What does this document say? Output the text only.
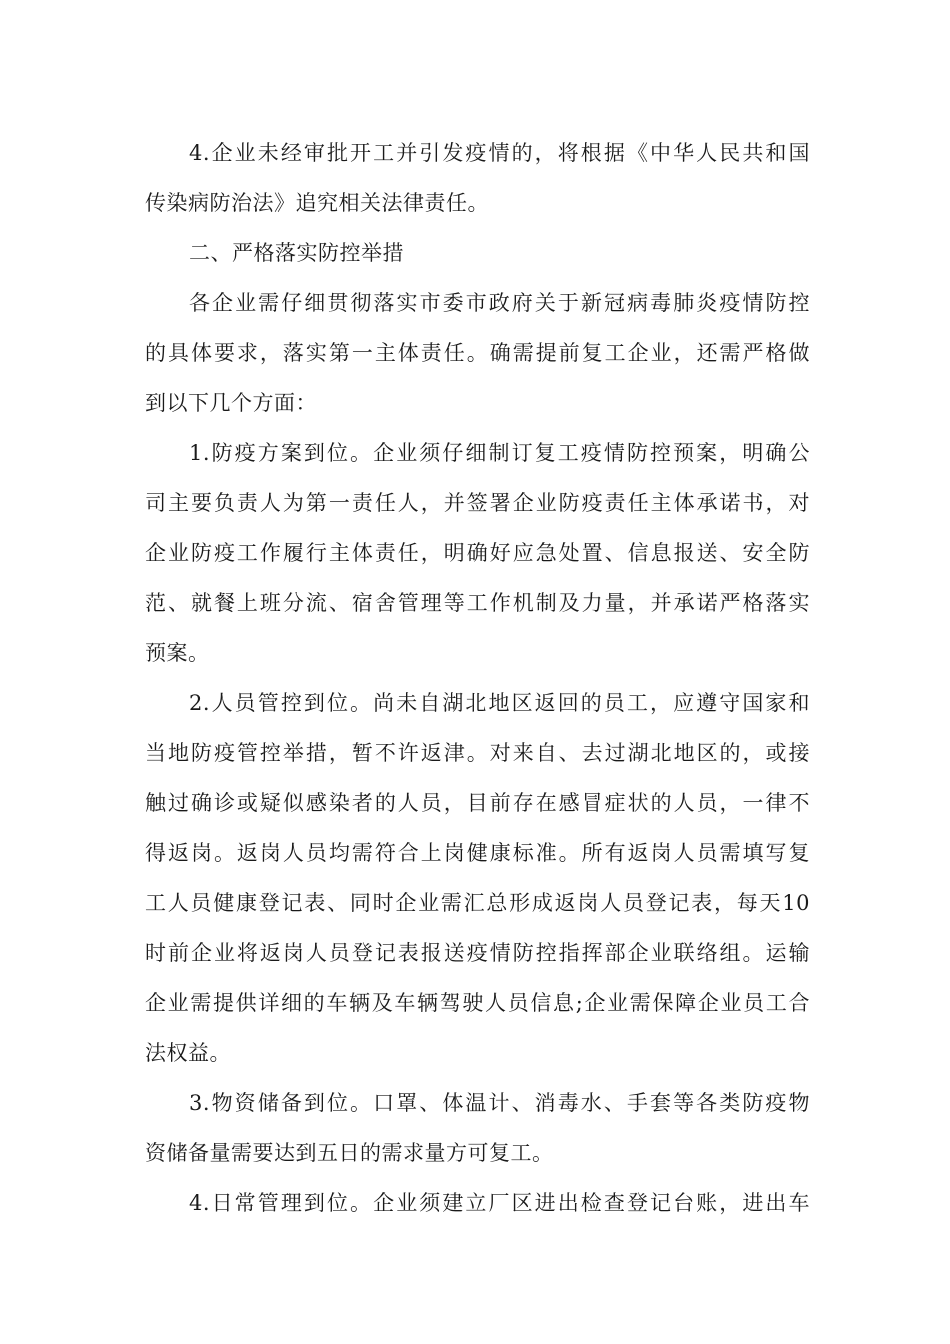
4.企业未经审批开工并引发疫情的，将根据《中华人民共和国
传染病防治法》追究相关法律责任。
二、严格落实防控举措
各企业需仔细贯彻落实市委市政府关于新冠病毒肺炎疫情防控
的具体要求，落实第一主体责任。确需提前复工企业，还需严格做
到以下几个方面：
1.防疫方案到位。企业须仔细制订复工疫情防控预案，明确公
司主要负责人为第一责任人，并签署企业防疫责任主体承诺书，对
企业防疫工作履行主体责任，明确好应急处置、信息报送、安全防
范、就餐上班分流、宿舍管理等工作机制及力量，并承诺严格落实
预案。
2.人员管控到位。尚未自湖北地区返回的员工，应遵守国家和
当地防疫管控举措，暂不许返津。对来自、去过湖北地区的，或接
触过确诊或疑似感染者的人员，目前存在感冒症状的人员，一律不
得返岗。返岗人员均需符合上岗健康标准。所有返岗人员需填写复
工人员健康登记表、同时企业需汇总形成返岗人员登记表，每天10
时前企业将返岗人员登记表报送疫情防控指挥部企业联络组。运输
企业需提供详细的车辆及车辆驾驶人员信息;企业需保障企业员工合
法权益。
3.物资储备到位。口罩、体温计、消毒水、手套等各类防疫物
资储备量需要达到五日的需求量方可复工。
4.日常管理到位。企业须建立厂区进出检查登记台账，进出车
